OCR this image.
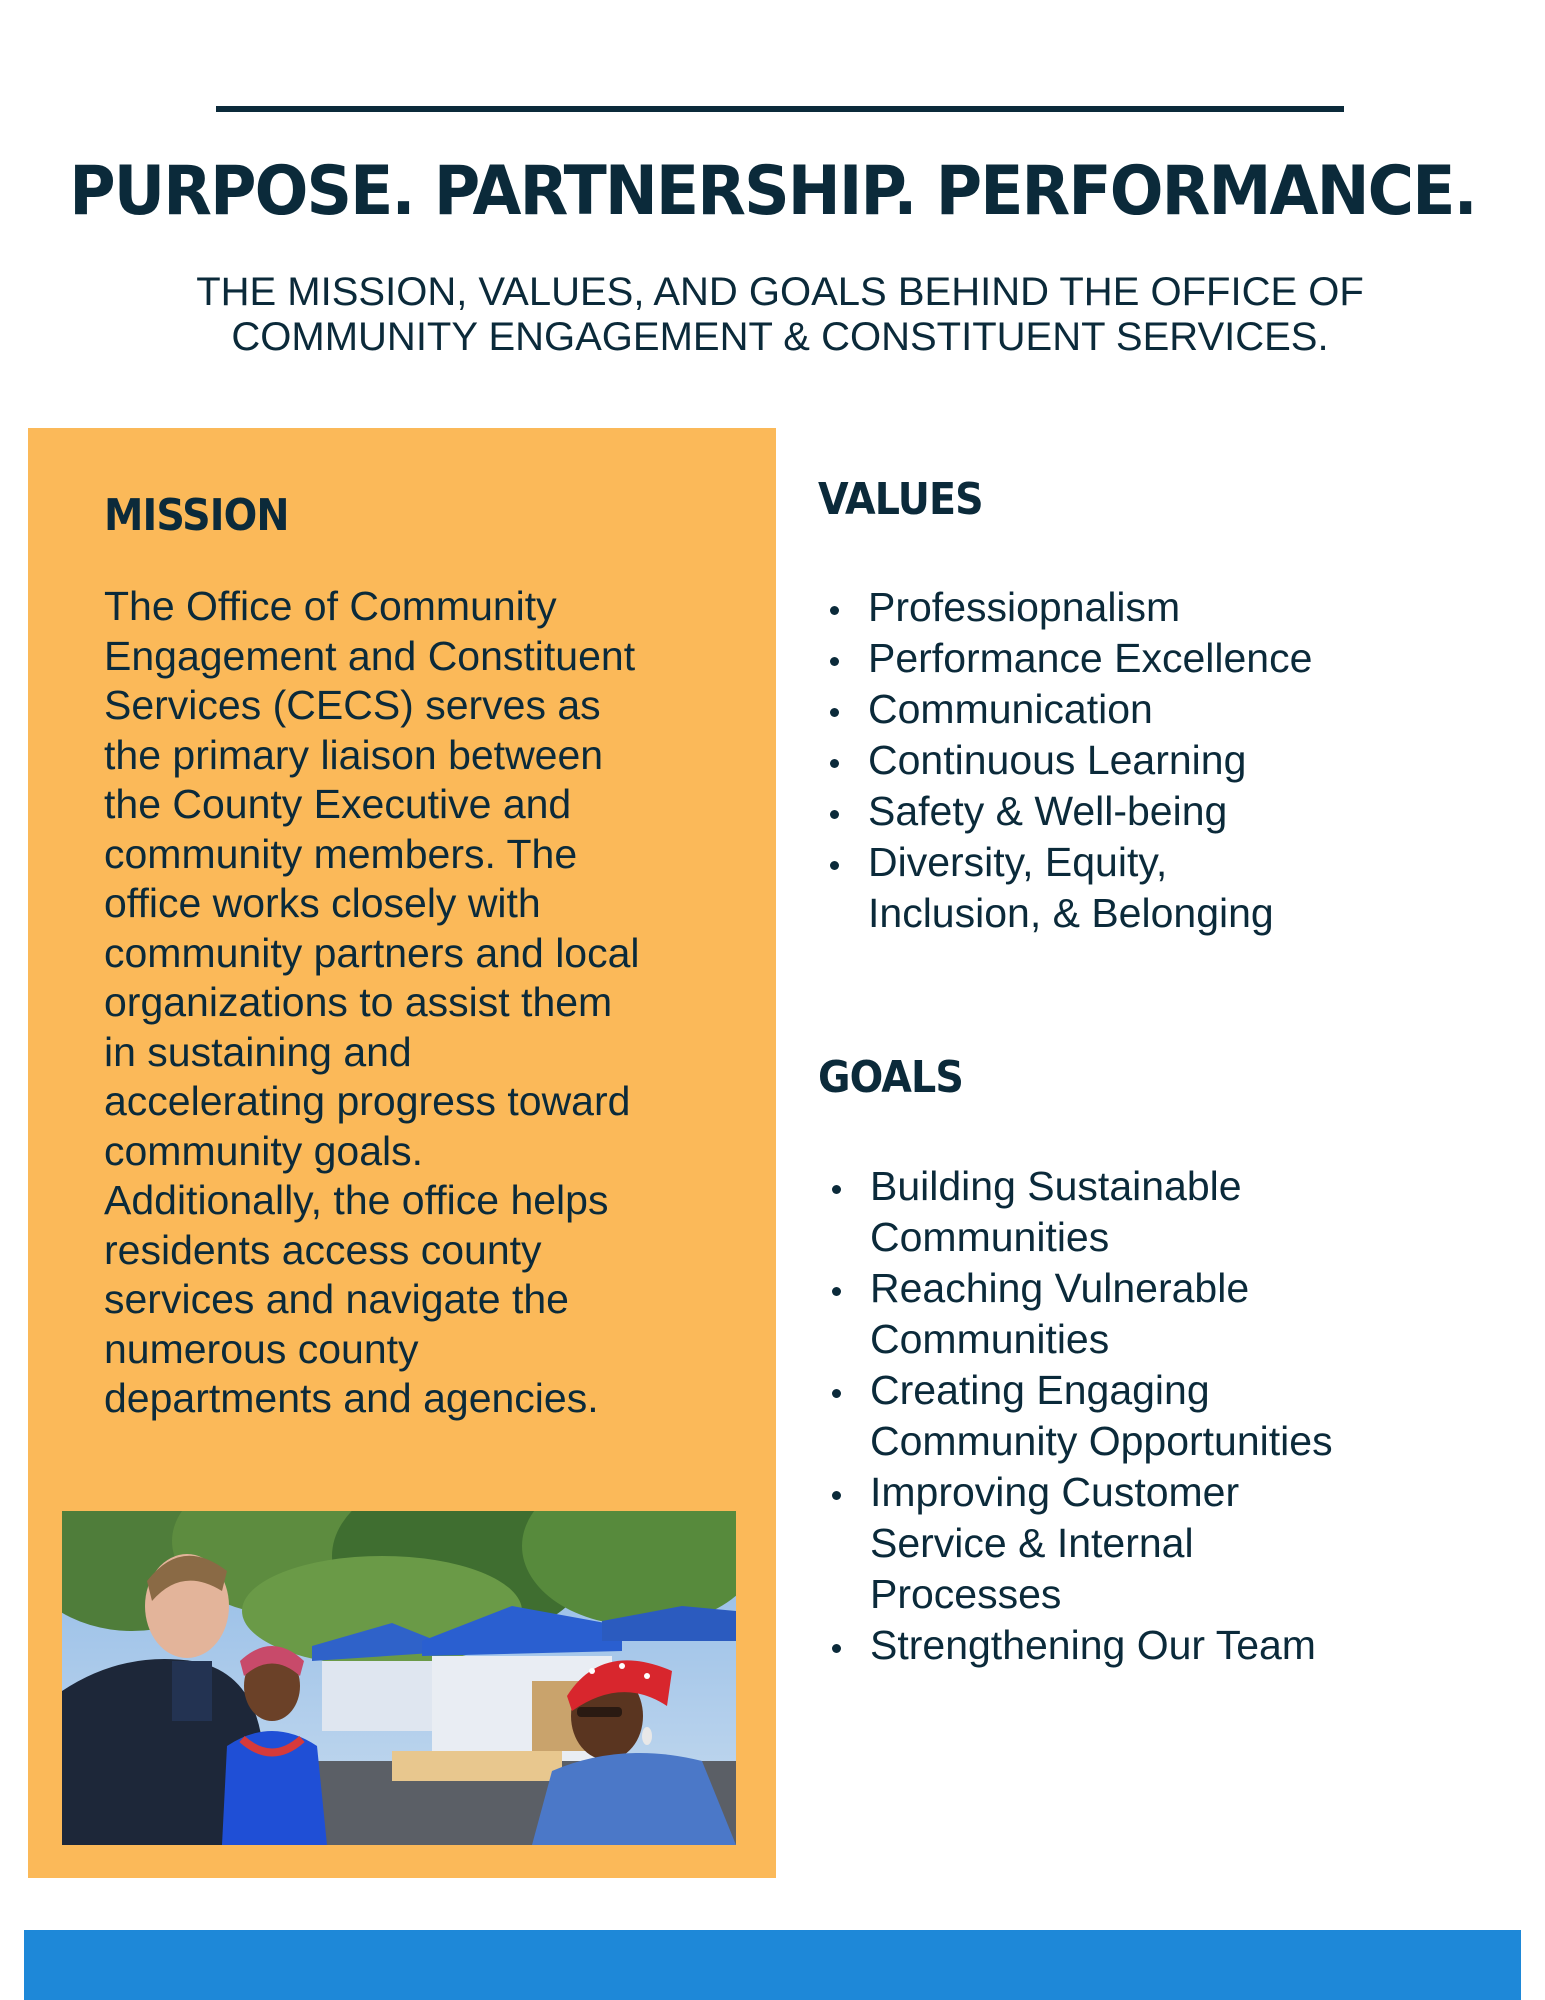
PURPOSE. PARTNERSHIP. PERFORMANCE.
THE MISSION, VALUES, AND GOALS BEHIND THE OFFICE OF
COMMUNITY ENGAGEMENT & CONSTITUENT SERVICES.
MISSION
The Office of Community
Engagement and Constituent
Services (CECS) serves as
the primary liaison between
the County Executive and
community members. The
office works closely with
community partners and local
organizations to assist them
in sustaining and
accelerating progress toward
community goals.
Additionally, the office helps
residents access county
services and navigate the
numerous county
departments and agencies.
VALUES
Professiopnalism
Performance Excellence
Communication
Continuous Learning
Safety & Well-being
Diversity, Equity,
Inclusion, & Belonging
GOALS
Building Sustainable
Communities
Reaching Vulnerable
Communities
Creating Engaging
Community Opportunities
Improving Customer
Service & Internal
Processes
Strengthening Our Team
